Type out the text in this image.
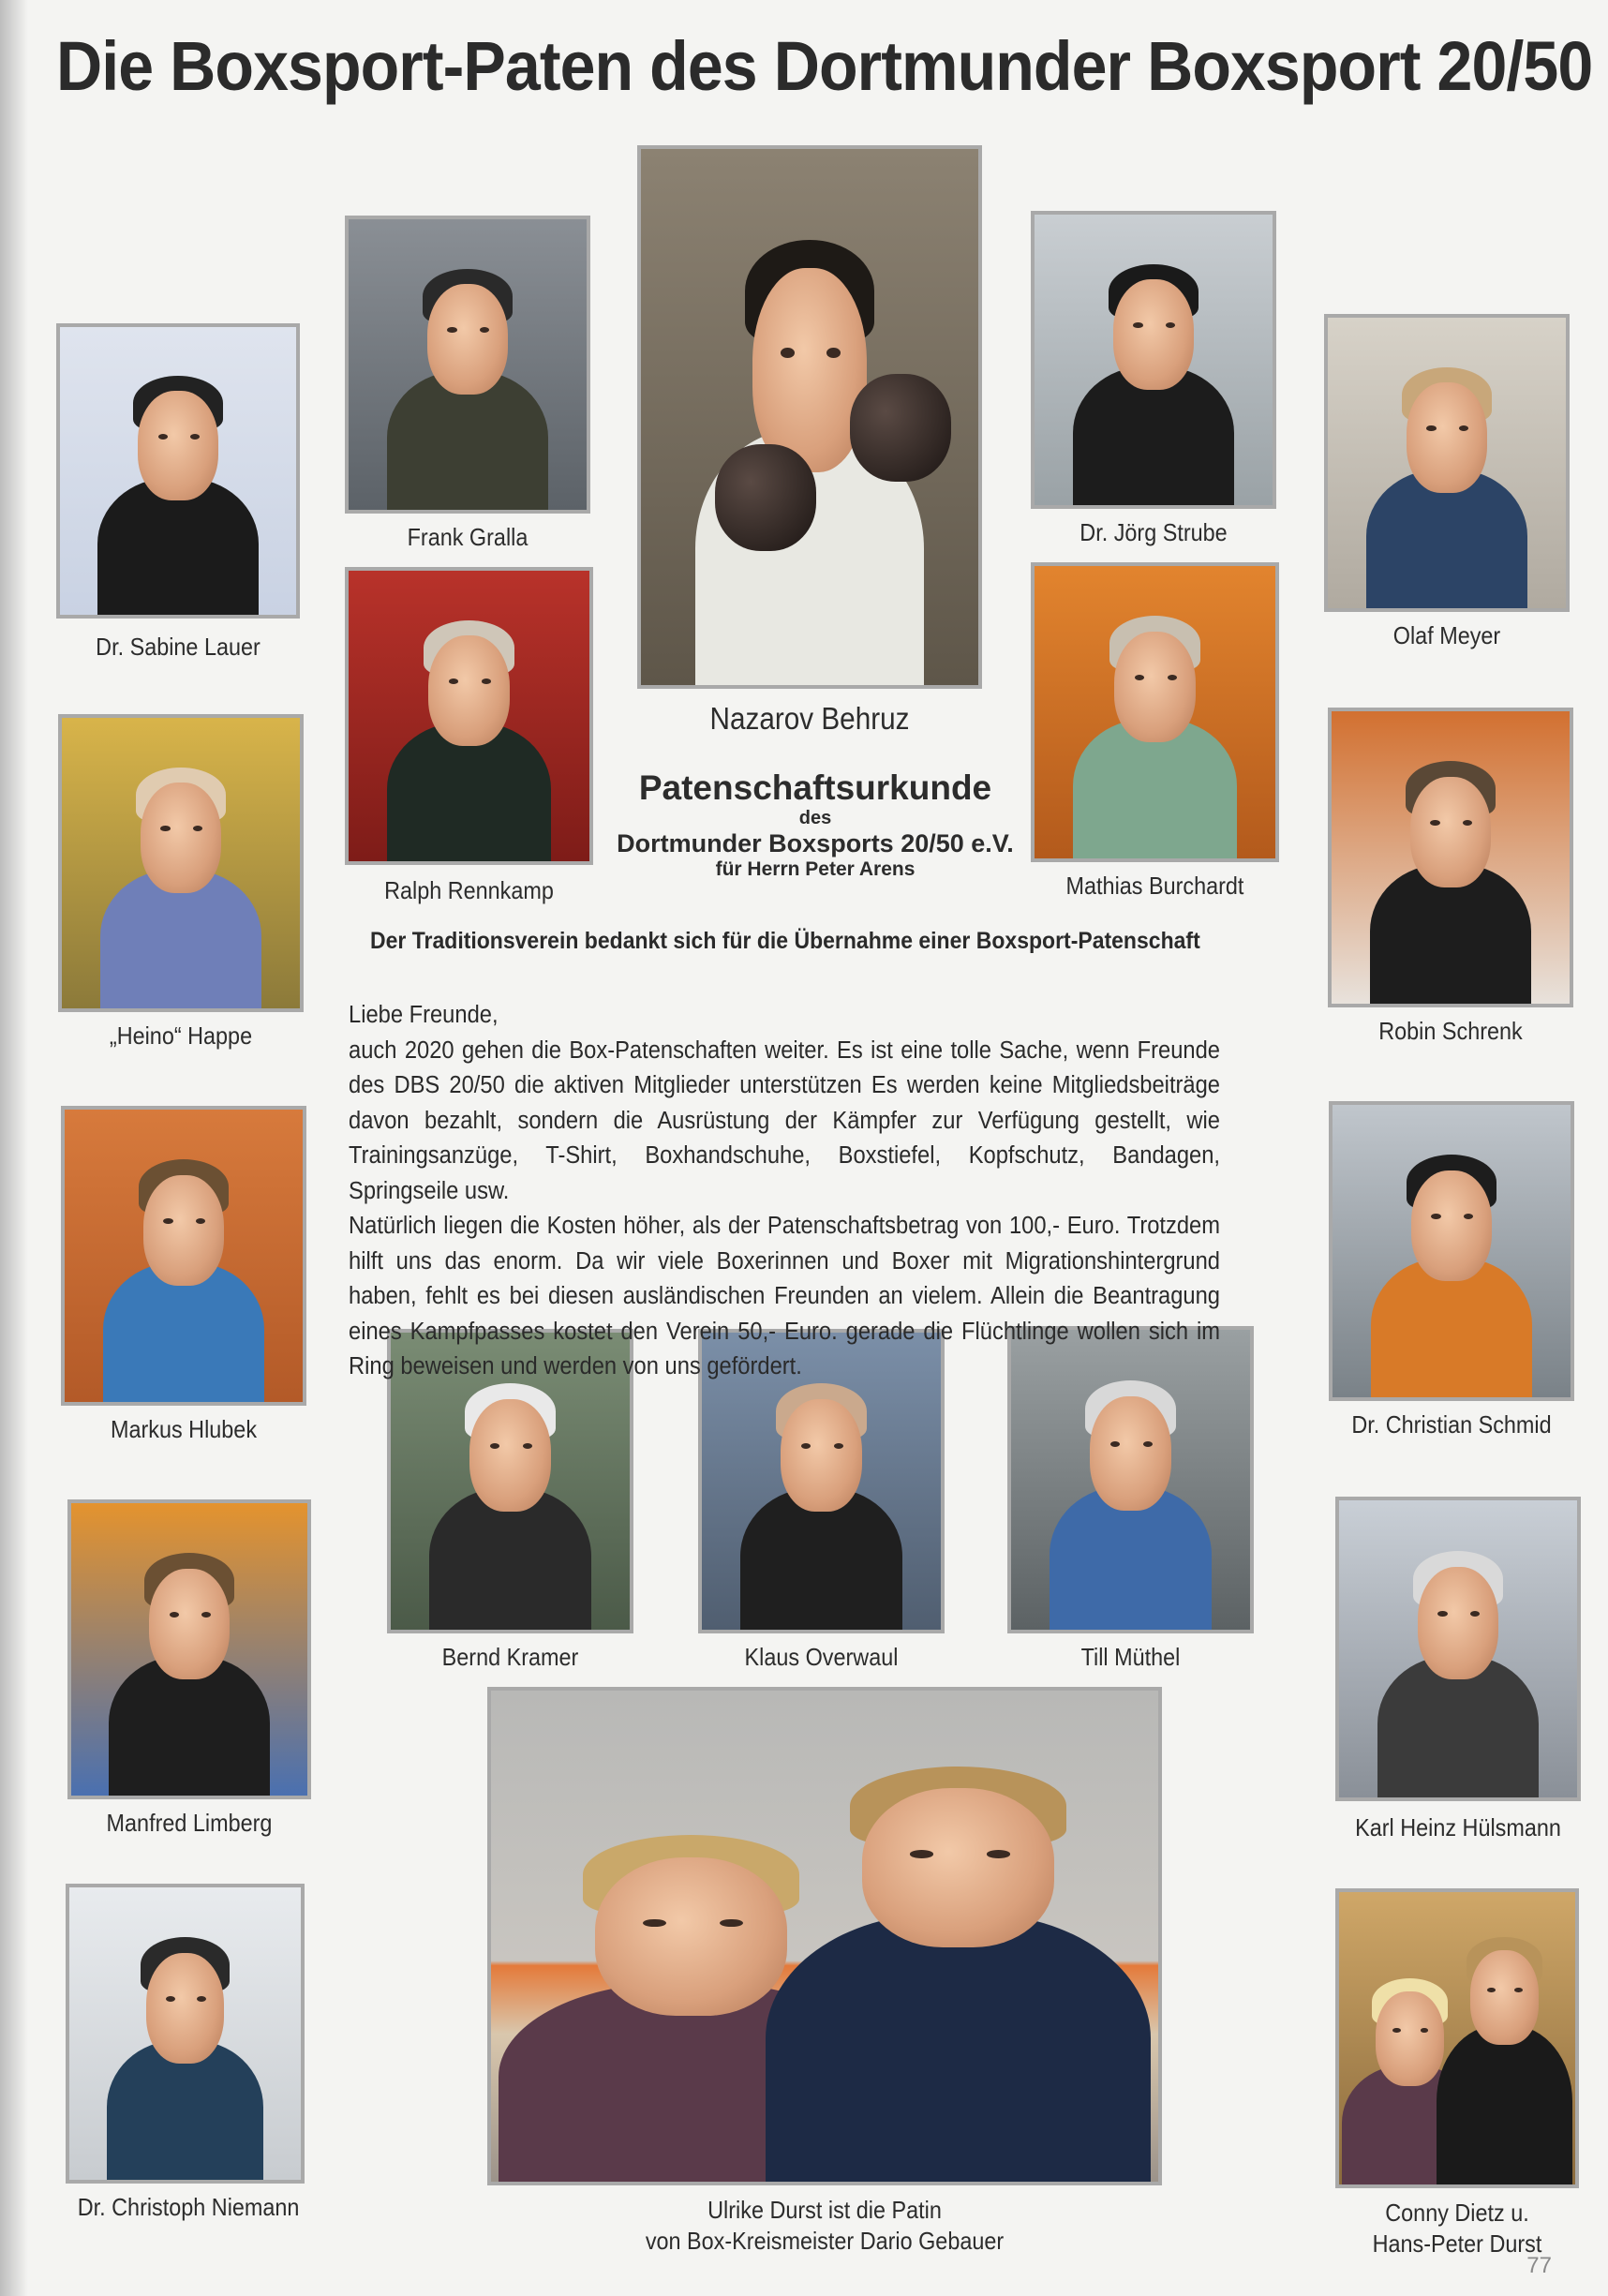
Die Boxsport-Paten des Dortmunder Boxsport 20/50
Dr. Sabine Lauer
Frank Gralla
Nazarov Behruz
Dr. Jörg Strube
Olaf Meyer
Ralph Rennkamp	Mathias Burchardt
„Heino“ Happe	Robin Schrenk
Markus Hlubek	Dr. Christian Schmid
Bernd Kramer	Klaus Overwaul	Till Müthel
Manfred Limberg	Karl Heinz Hülsmann
Dr. Christoph Niemann	Ulrike Durst ist die Patin
von Box-Kreismeister Dario Gebauer
Conny Dietz u.
Hans-Peter Durst
Patenschaftsurkunde
des
Dortmunder Boxsports 20/50 e.V.
für Herrn Peter Arens
Der Traditionsverein bedankt sich für die Übernahme einer Boxsport-Patenschaft

Liebe Freunde,

auch 2020 gehen die Box-Patenschaften weiter. Es ist eine tolle Sache, wenn Freunde des DBS 20/50 die aktiven Mitglieder unterstützen Es werden keine Mitgliedsbeiträge davon bezahlt, sondern die Ausrüstung der Kämpfer zur Verfügung gestellt, wie Trainingsanzüge, T-Shirt, Boxhandschuhe, Boxstiefel, Kopfschutz, Bandagen, Springseile usw.

Natürlich liegen die Kosten höher, als der Patenschaftsbetrag von 100,- Euro. Trotzdem hilft uns das enorm. Da wir viele Boxerinnen und Boxer mit Migrationshintergrund haben, fehlt es bei diesen ausländischen Freunden an vielem. Allein die Beantragung eines Kampfpasses kostet den Verein 50,- Euro. gerade die Flüchtlinge wollen sich im Ring beweisen und werden von uns gefördert.

77
